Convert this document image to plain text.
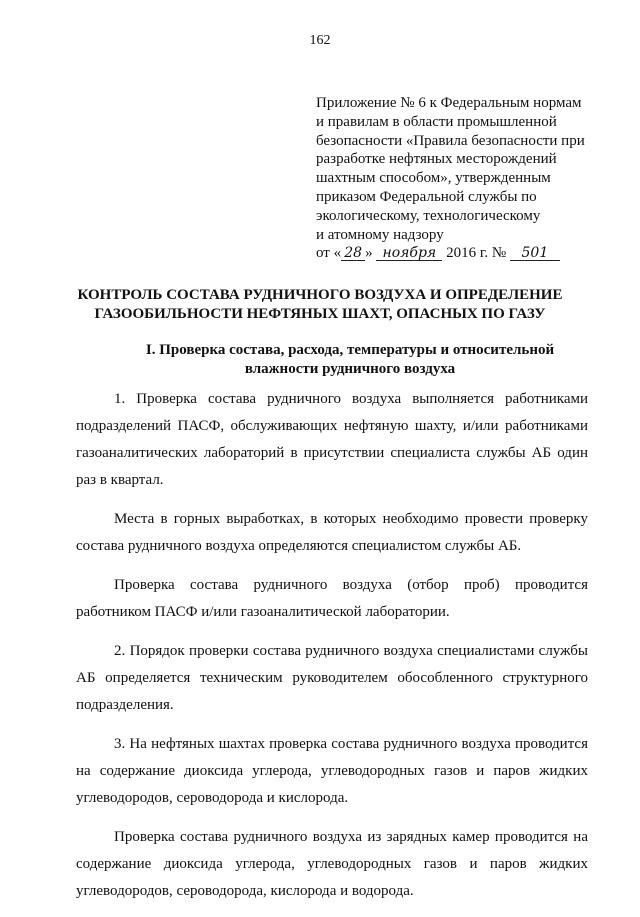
162
Приложение № 6 к Федеральным нормам
и правилам в области промышленной
безопасности «Правила безопасности при
разработке нефтяных месторождений
шахтным способом», утвержденным
приказом Федеральной службы по
экологическому, технологическому
и атомному надзору
от « 28 » ноября 2016 г. № 501
КОНТРОЛЬ СОСТАВА РУДНИЧНОГО ВОЗДУХА И ОПРЕДЕЛЕНИЕ
ГАЗООБИЛЬНОСТИ НЕФТЯНЫХ ШАХТ, ОПАСНЫХ ПО ГАЗУ
I. Проверка состава, расхода, температуры и относительной
влажности рудничного воздуха
1. Проверка состава рудничного воздуха выполняется работниками
подразделений ПАСФ, обслуживающих нефтяную шахту, и/или работниками
газоаналитических лабораторий в присутствии специалиста службы АБ один
раз в квартал.
Места в горных выработках, в которых необходимо провести проверку
состава рудничного воздуха определяются специалистом службы АБ.
Проверка состава рудничного воздуха (отбор проб) проводится
работником ПАСФ и/или газоаналитической лаборатории.
2. Порядок проверки состава рудничного воздуха специалистами службы
АБ определяется техническим руководителем обособленного структурного
подразделения.
3. На нефтяных шахтах проверка состава рудничного воздуха проводится
на содержание диоксида углерода, углеводородных газов и паров жидких
углеводородов, сероводорода и кислорода.
Проверка состава рудничного воздуха из зарядных камер проводится на
содержание диоксида углерода, углеводородных газов и паров жидких
углеводородов, сероводорода, кислорода и водорода.
